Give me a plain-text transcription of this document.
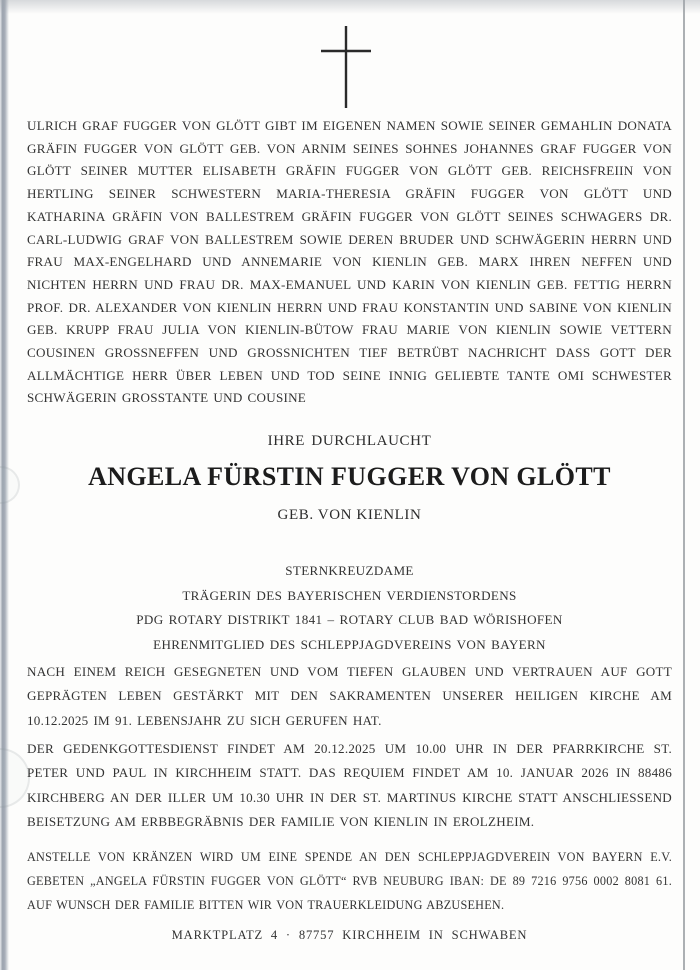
ULRICH GRAF FUGGER VON GLÖTT GIBT IM EIGENEN NAMEN SOWIE SEINER GEMAHLIN DONATA GRÄFIN FUGGER VON GLÖTT GEB. VON ARNIM SEINES SOHNES JOHANNES GRAF FUGGER VON GLÖTT SEINER MUTTER ELISABETH GRÄFIN FUGGER VON GLÖTT GEB. REICHSFREIIN VON HERTLING SEINER SCHWESTERN MARIA-THERESIA GRÄFIN FUGGER VON GLÖTT UND KATHARINA GRÄFIN VON BALLESTREM GRÄFIN FUGGER VON GLÖTT SEINES SCHWAGERS DR. CARL-LUDWIG GRAF VON BALLESTREM SOWIE DEREN BRUDER UND SCHWÄGERIN HERRN UND FRAU MAX-ENGELHARD UND ANNEMARIE VON KIENLIN GEB. MARX IHREN NEFFEN UND NICHTEN HERRN UND FRAU DR. MAX-EMANUEL UND KARIN VON KIENLIN GEB. FETTIG HERRN PROF. DR. ALEXANDER VON KIENLIN HERRN UND FRAU KONSTANTIN UND SABINE VON KIENLIN GEB. KRUPP FRAU JULIA VON KIENLIN-BÜTOW FRAU MARIE VON KIENLIN SOWIE VETTERN COUSINEN GROSSNEFFEN UND GROSSNICHTEN TIEF BETRÜBT NACHRICHT DASS GOTT DER ALLMÄCHTIGE HERR ÜBER LEBEN UND TOD SEINE INNIG GELIEBTE TANTE OMI SCHWESTER SCHWÄGERIN GROSSTANTE UND COUSINE
IHRE DURCHLAUCHT
ANGELA FÜRSTIN FUGGER VON GLÖTT
GEB. VON KIENLIN
STERNKREUZDAME
TRÄGERIN DES BAYERISCHEN VERDIENSTORDENS
PDG ROTARY DISTRIKT 1841 – ROTARY CLUB BAD WÖRISHOFEN
EHRENMITGLIED DES SCHLEPPJAGDVEREINS VON BAYERN
NACH EINEM REICH GESEGNETEN UND VOM TIEFEN GLAUBEN UND VERTRAUEN AUF GOTT GEPRÄGTEN LEBEN GESTÄRKT MIT DEN SAKRAMENTEN UNSERER HEILIGEN KIRCHE AM 10.12.2025 IM 91. LEBENSJAHR ZU SICH GERUFEN HAT.
DER GEDENKGOTTESDIENST FINDET AM 20.12.2025 UM 10.00 UHR IN DER PFARRKIRCHE ST. PETER UND PAUL IN KIRCHHEIM STATT. DAS REQUIEM FINDET AM 10. JANUAR 2026 IN 88486 KIRCHBERG AN DER ILLER UM 10.30 UHR IN DER ST. MARTINUS KIRCHE STATT ANSCHLIESSEND BEISETZUNG AM ERBBEGRÄBNIS DER FAMILIE VON KIENLIN IN EROLZHEIM.
ANSTELLE VON KRÄNZEN WIRD UM EINE SPENDE AN DEN SCHLEPPJAGDVEREIN VON BAYERN E.V. GEBETEN „ANGELA FÜRSTIN FUGGER VON GLÖTT“ RVB NEUBURG IBAN: DE 89 7216 9756 0002 8081 61. AUF WUNSCH DER FAMILIE BITTEN WIR VON TRAUERKLEIDUNG ABZUSEHEN.
MARKTPLATZ 4 · 87757 KIRCHHEIM IN SCHWABEN
